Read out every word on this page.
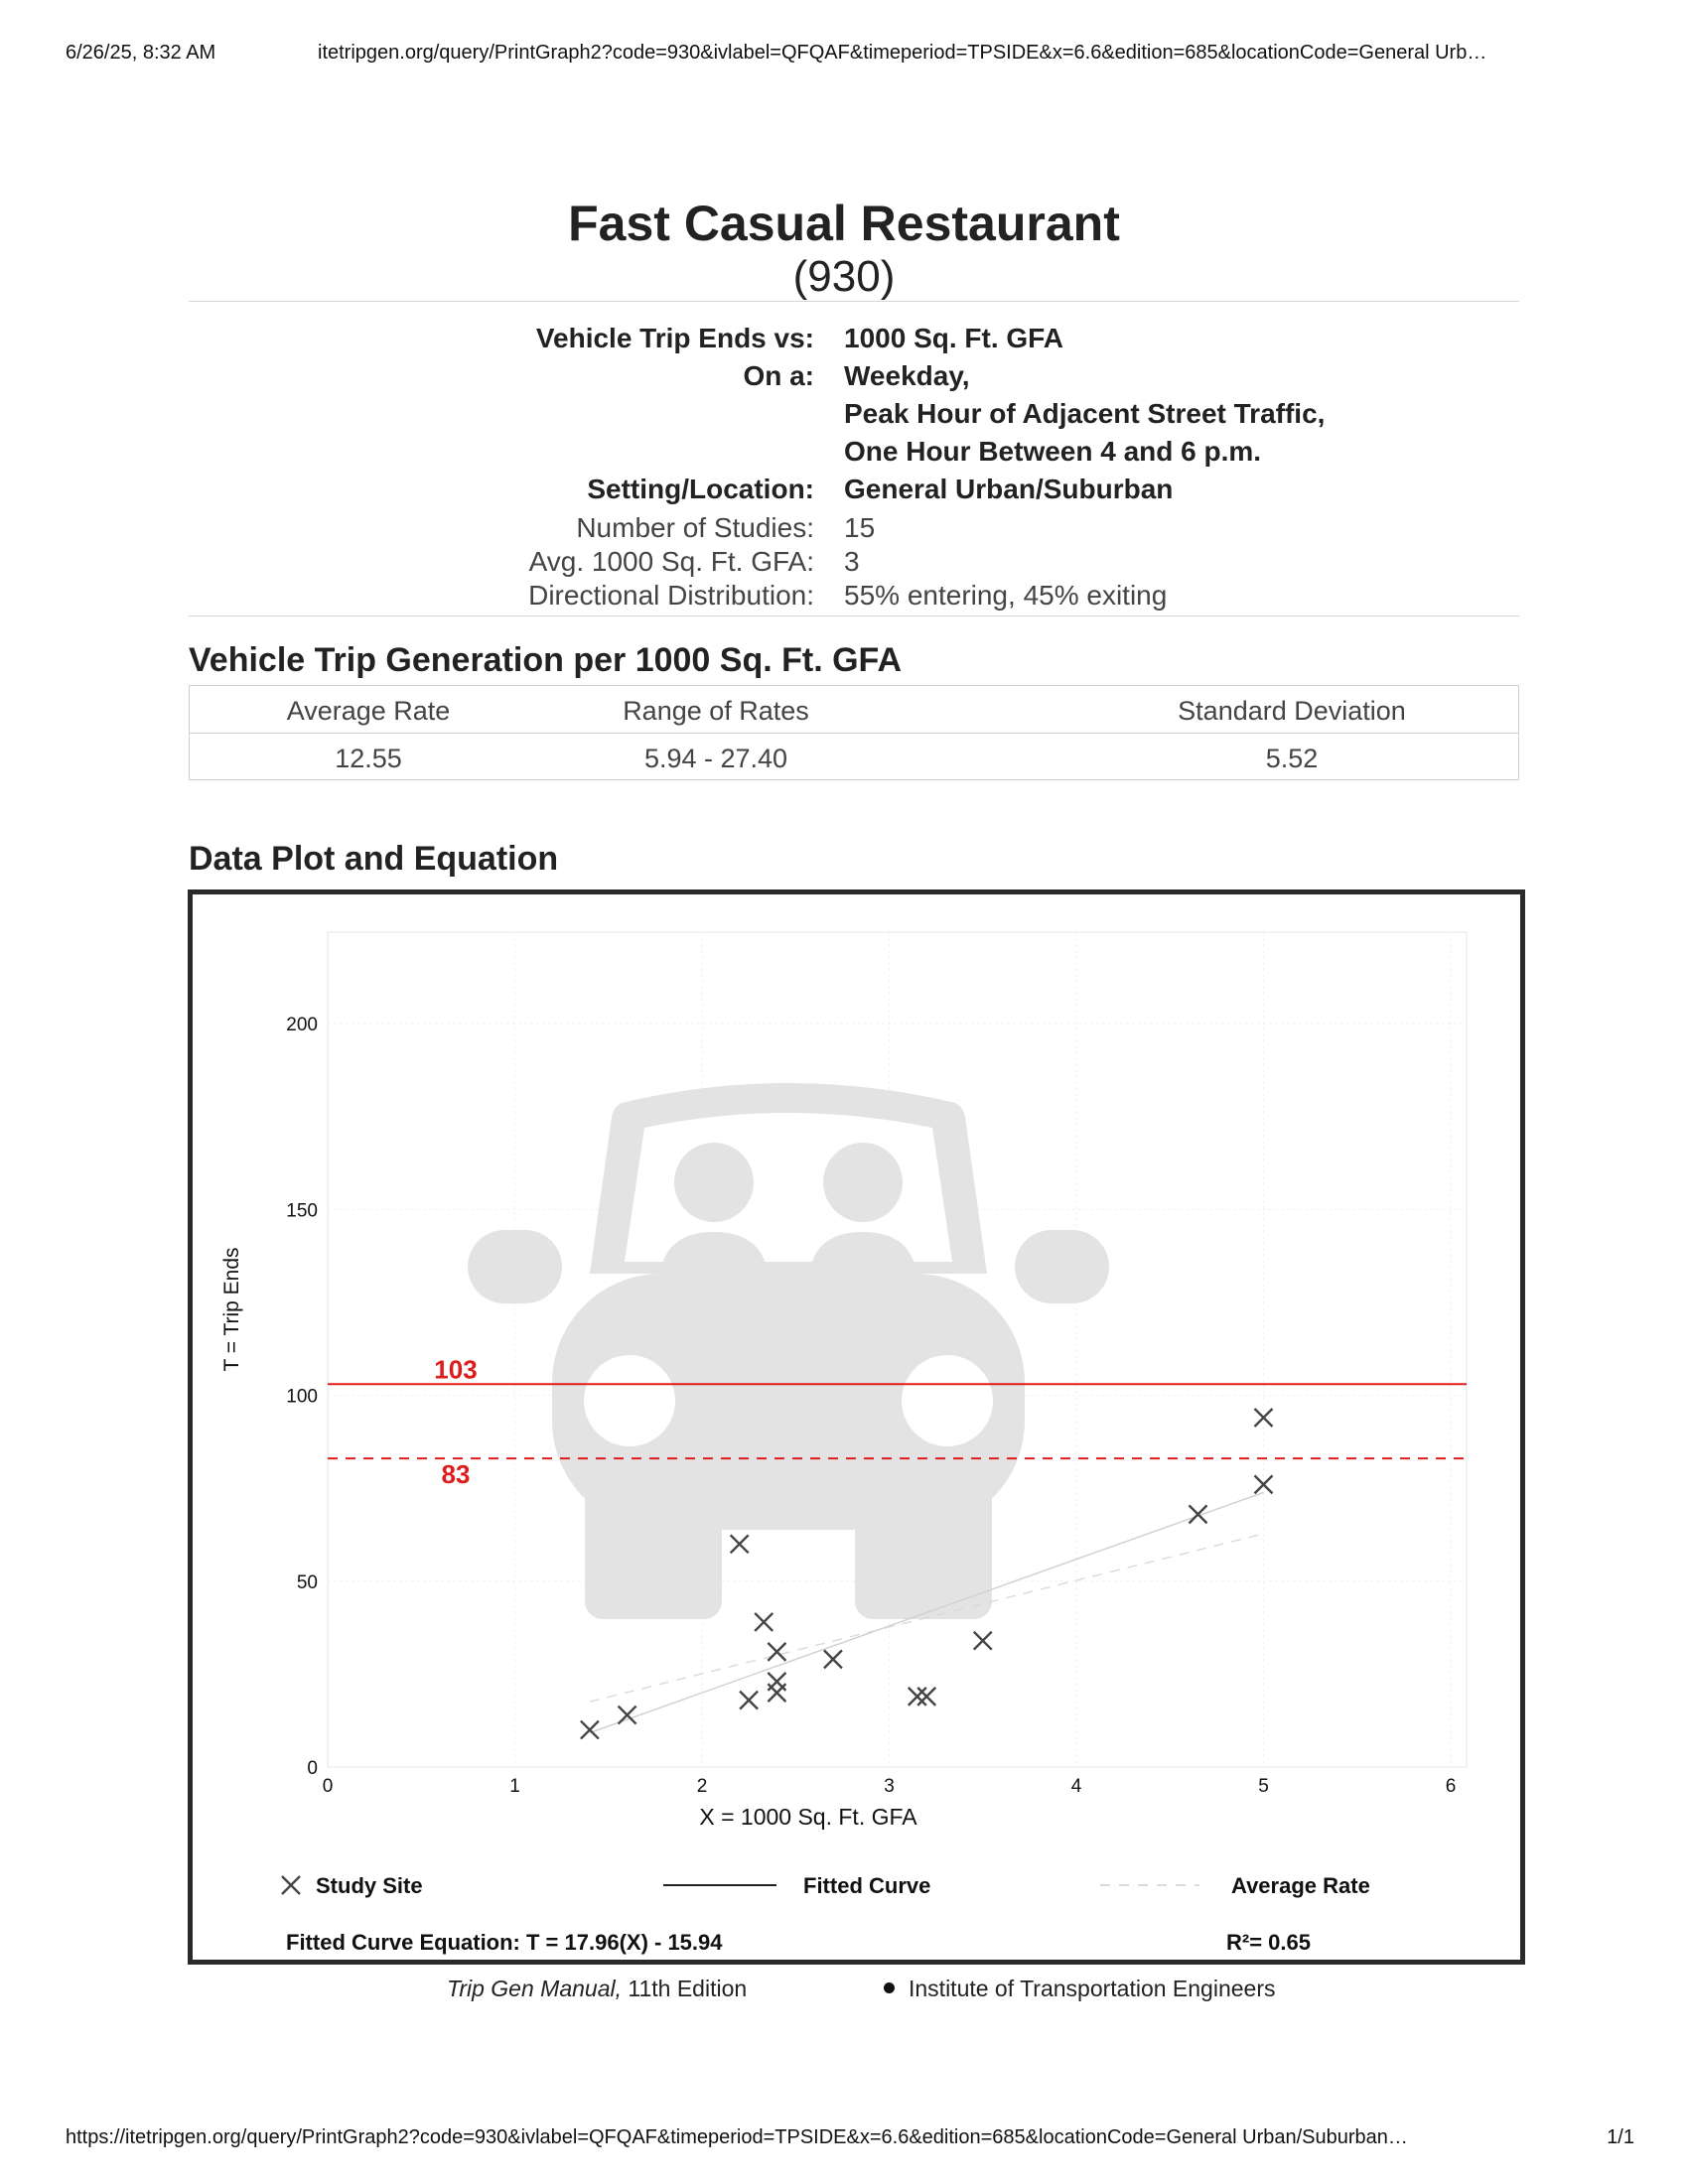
6/26/25, 8:32 AM	itetripgen.org/query/PrintGraph2?code=930&ivlabel=QFQAF&timeperiod=TPSIDE&x=6.6&edition=685&locationCode=General Urb…
Fast Casual Restaurant
(930)
Vehicle Trip Ends vs: 1000 Sq. Ft. GFA
On a: Weekday,
Peak Hour of Adjacent Street Traffic,
One Hour Between 4 and 6 p.m.
Setting/Location: General Urban/Suburban
Number of Studies: 15
Avg. 1000 Sq. Ft. GFA: 3
Directional Distribution: 55% entering, 45% exiting
Vehicle Trip Generation per 1000 Sq. Ft. GFA
Average Rate	Range of Rates	Standard Deviation
12.55	5.94 - 27.40	5.52
Data Plot and Equation
103
83
X = 1000 Sq. Ft. GFA
T = Trip Ends
0	1	2	3	4	5	6
0
50
100
150
200
Study Site	Fitted Curve	Average Rate
Fitted Curve Equation: T = 17.96(X) - 15.94	R²= 0.65
Trip Gen Manual, 11th Edition	Institute of Transportation Engineers
https://itetripgen.org/query/PrintGraph2?code=930&ivlabel=QFQAF&timeperiod=TPSIDE&x=6.6&edition=685&locationCode=General Urban/Suburban…	1/1
